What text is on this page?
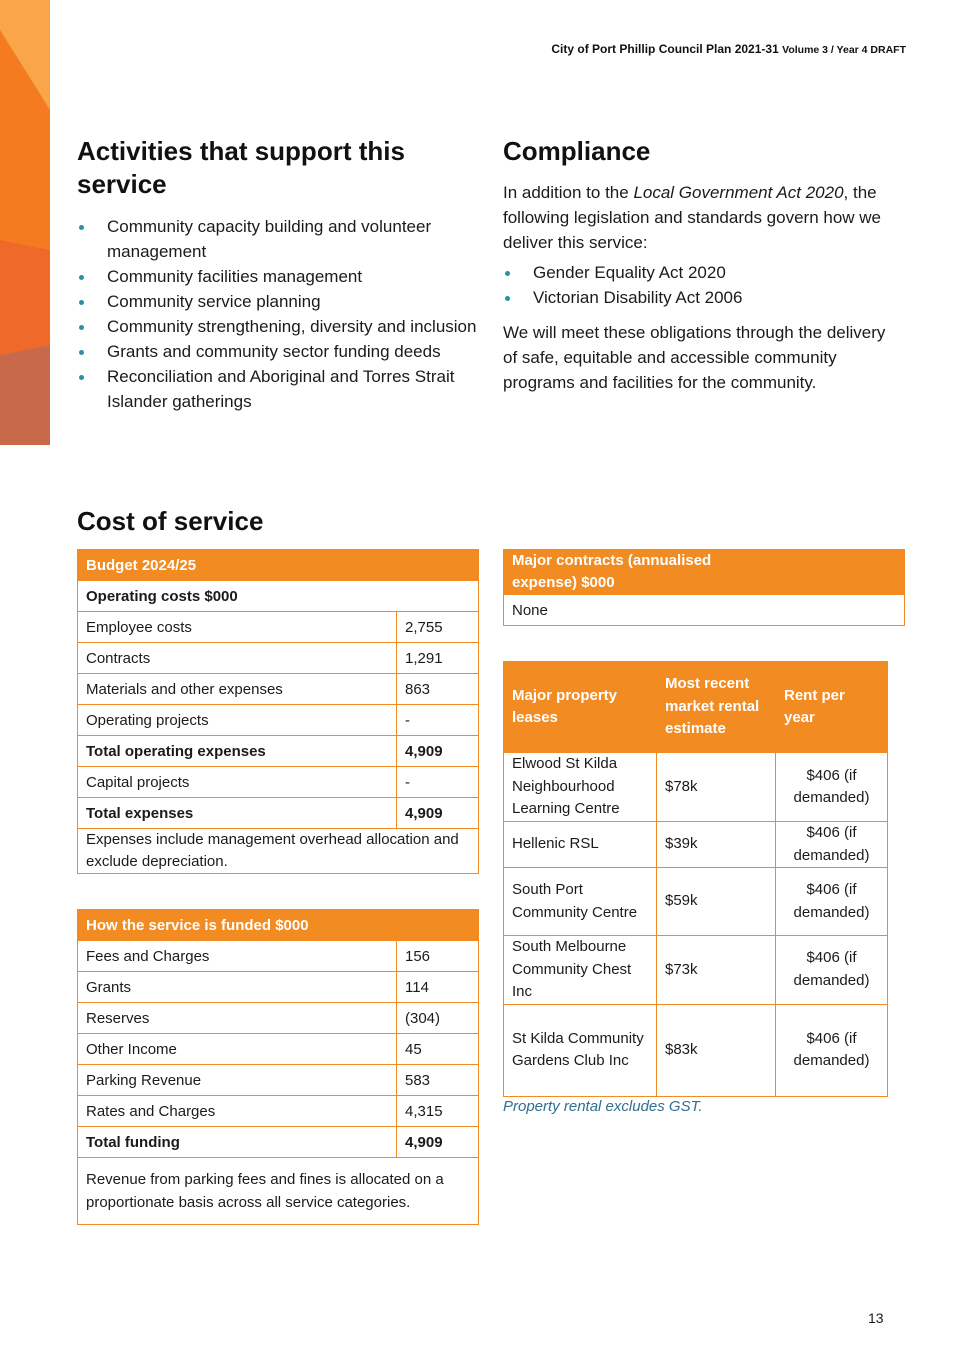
City of Port Phillip Council Plan 2021-31 Volume 3 / Year 4 DRAFT
Activities that support this service
Community capacity building and volunteer management
Community facilities management
Community service planning
Community strengthening, diversity and inclusion
Grants and community sector funding deeds
Reconciliation and Aboriginal and Torres Strait Islander gatherings
Compliance

In addition to the Local Government Act 2020, the following legislation and standards govern how we deliver this service:

Gender Equality Act 2020
Victorian Disability Act 2006

We will meet these obligations through the delivery of safe, equitable and accessible community programs and facilities for the community.

Cost of service
Budget 2024/25	
Operating costs $000	
Employee costs	2,755
Contracts	1,291
Materials and other expenses	863
Operating projects	-
Total operating expenses	4,909
Capital projects	-
Total expenses	4,909
Expenses include management overhead allocation and exclude depreciation.	
How the service is funded $000	
Fees and Charges	156
Grants	114
Reserves	(304)
Other Income	45
Parking Revenue	583
Rates and Charges	4,315
Total funding	4,909
Revenue from parking fees and fines is allocated on a proportionate basis across all service categories.	
Major contracts (annualised expense) $000	
None
Major property leases	Most recent market rental estimate	Rent per year
Elwood St Kilda Neighbourhood Learning Centre	$78k	$406 (if demanded)
Hellenic RSL	$39k	$406 (if demanded)
South Port Community Centre	$59k	$406 (if demanded)
South Melbourne Community Chest Inc	$73k	$406 (if demanded)
St Kilda Community Gardens Club Inc	$83k	$406 (if demanded)
Property rental excludes GST.
13
